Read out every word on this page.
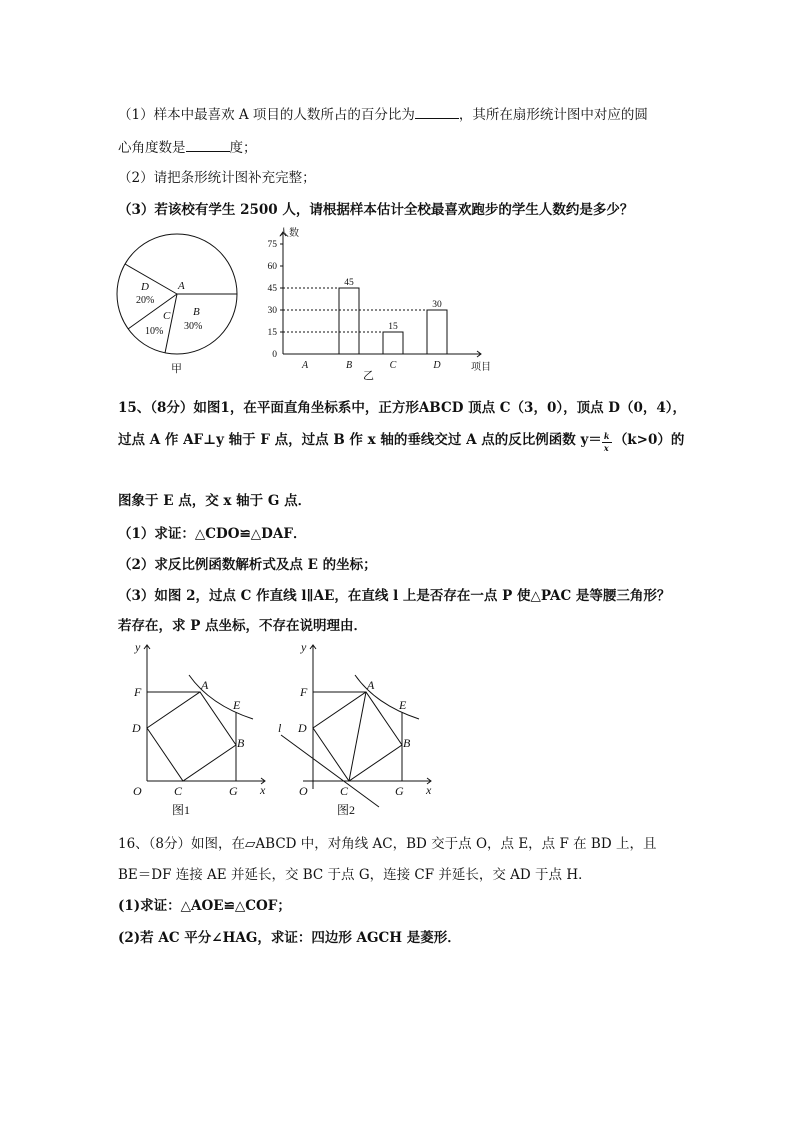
（1）样本中最喜欢 A 项目的人数所占的百分比为	，其所在扇形统计图中对应的圆
心角度数是	度；
（2）请把条形统计图补充完整；
（3）若该校有学生 2500 人，请根据样本估计全校最喜欢跑步的学生人数约是多少？
A
D
20%
B
30%
C
10%
甲
0
15
30
45
60
75
A	B
45
C
15
D
30
人数
项目
乙
15、（8分）如图1，在平面直角坐标系中，正方形ABCD 顶点 C（3，0），顶点 D（0，4），
过点 A 作 AF⊥y 轴于 F 点，过点 B 作 x 轴的垂线交过 A 点的反比例函数 $y= \frac{k}{x} (k>0)$的
图象于 E 点，交 x 轴于 G 点．
（1）求证：△CDO≌△DAF．
（2）求反比例函数解析式及点 E 的坐标；
（3）如图 2，过点 C 作直线 l∥AE，在直线 l 上是否存在一点 P 使△PAC 是等腰三角形？
若存在，求 P 点坐标，不存在说明理由．
y
x
O
F
D
A
E
B
C	G
图1
y
x
O
F
D
A
E
B
C	G
l
图2
16、（8分）如图，在▱ABCD 中，对角线 AC，BD 交于点 O，点 E，点 F 在 BD 上，且
BE＝DF 连接 AE 并延长，交 BC 于点 G，连接 CF 并延长，交 AD 于点 H．
(1)求证：△AOE≌△COF；
(2)若 AC 平分∠HAG，求证：四边形 AGCH 是菱形．
